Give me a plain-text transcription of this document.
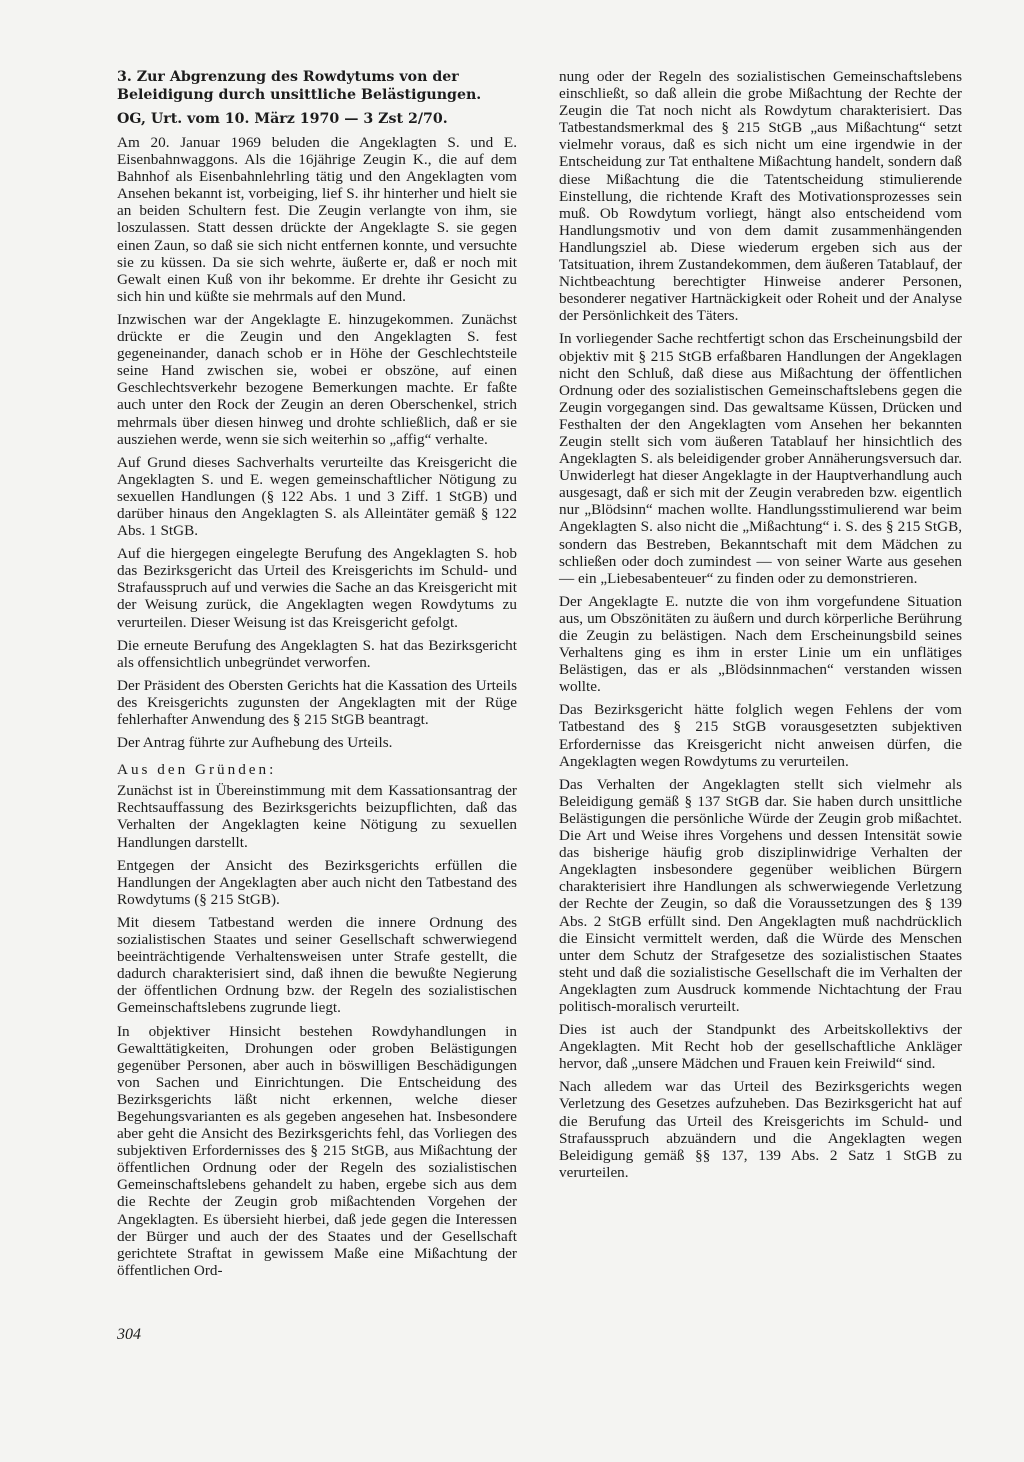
3. Zur Abgrenzung des Rowdytums von der Beleidigung durch unsittliche Belästigungen.

OG, Urt. vom 10. März 1970 — 3 Zst 2/70.

Am 20. Januar 1969 beluden die Angeklagten S. und E. Eisenbahnwaggons. Als die 16jährige Zeugin K., die auf dem Bahnhof als Eisenbahnlehrling tätig und den Angeklagten vom Ansehen bekannt ist, vorbeiging, lief S. ihr hinterher und hielt sie an beiden Schultern fest. Die Zeugin verlangte von ihm, sie loszulassen. Statt dessen drückte der Angeklagte S. sie gegen einen Zaun, so daß sie sich nicht entfernen konnte, und versuchte sie zu küssen. Da sie sich wehrte, äußerte er, daß er noch mit Gewalt einen Kuß von ihr bekomme. Er drehte ihr Gesicht zu sich hin und küßte sie mehrmals auf den Mund.

Inzwischen war der Angeklagte E. hinzugekommen. Zunächst drückte er die Zeugin und den Angeklagten S. fest gegeneinander, danach schob er in Höhe der Geschlechtsteile seine Hand zwischen sie, wobei er obszöne, auf einen Geschlechtsverkehr bezogene Bemerkungen machte. Er faßte auch unter den Rock der Zeugin an deren Oberschenkel, strich mehrmals über diesen hinweg und drohte schließlich, daß er sie ausziehen werde, wenn sie sich weiterhin so „affig“ verhalte.

Auf Grund dieses Sachverhalts verurteilte das Kreisgericht die Angeklagten S. und E. wegen gemeinschaftlicher Nötigung zu sexuellen Handlungen (§ 122 Abs. 1 und 3 Ziff. 1 StGB) und darüber hinaus den Angeklagten S. als Alleintäter gemäß § 122 Abs. 1 StGB.

Auf die hiergegen eingelegte Berufung des Angeklagten S. hob das Bezirksgericht das Urteil des Kreisgerichts im Schuld- und Strafausspruch auf und verwies die Sache an das Kreisgericht mit der Weisung zurück, die Angeklagten wegen Rowdytums zu verurteilen. Dieser Weisung ist das Kreisgericht gefolgt.

Die erneute Berufung des Angeklagten S. hat das Bezirksgericht als offensichtlich unbegründet verworfen.

Der Präsident des Obersten Gerichts hat die Kassation des Urteils des Kreisgerichts zugunsten der Angeklagten mit der Rüge fehlerhafter Anwendung des § 215 StGB beantragt.

Der Antrag führte zur Aufhebung des Urteils.

Aus den Gründen:

Zunächst ist in Übereinstimmung mit dem Kassationsantrag der Rechtsauffassung des Bezirksgerichts beizupflichten, daß das Verhalten der Angeklagten keine Nötigung zu sexuellen Handlungen darstellt.

Entgegen der Ansicht des Bezirksgerichts erfüllen die Handlungen der Angeklagten aber auch nicht den Tatbestand des Rowdytums (§ 215 StGB).

Mit diesem Tatbestand werden die innere Ordnung des sozialistischen Staates und seiner Gesellschaft schwerwiegend beeinträchtigende Verhaltensweisen unter Strafe gestellt, die dadurch charakterisiert sind, daß ihnen die bewußte Negierung der öffentlichen Ordnung bzw. der Regeln des sozialistischen Gemeinschaftslebens zugrunde liegt.

In objektiver Hinsicht bestehen Rowdyhandlungen in Gewalttätigkeiten, Drohungen oder groben Belästigungen gegenüber Personen, aber auch in böswilligen Beschädigungen von Sachen und Einrichtungen. Die Entscheidung des Bezirksgerichts läßt nicht erkennen, welche dieser Begehungsvarianten es als gegeben angesehen hat. Insbesondere aber geht die Ansicht des Bezirksgerichts fehl, das Vorliegen des subjektiven Erfordernisses des § 215 StGB, aus Mißachtung der öffentlichen Ordnung oder der Regeln des sozialistischen Gemeinschaftslebens gehandelt zu haben, ergebe sich aus dem die Rechte der Zeugin grob mißachtenden Vorgehen der Angeklagten. Es übersieht hierbei, daß jede gegen die Interessen der Bürger und auch der des Staates und der Gesellschaft gerichtete Straftat in gewissem Maße eine Mißachtung der öffentlichen Ord-

nung oder der Regeln des sozialistischen Gemeinschaftslebens einschließt, so daß allein die grobe Mißachtung der Rechte der Zeugin die Tat noch nicht als Rowdytum charakterisiert. Das Tatbestandsmerkmal des § 215 StGB „aus Mißachtung“ setzt vielmehr voraus, daß es sich nicht um eine irgendwie in der Entscheidung zur Tat enthaltene Mißachtung handelt, sondern daß diese Mißachtung die die Tatentscheidung stimulierende Einstellung, die richtende Kraft des Motivationsprozesses sein muß. Ob Rowdytum vorliegt, hängt also entscheidend vom Handlungsmotiv und von dem damit zusammenhängenden Handlungsziel ab. Diese wiederum ergeben sich aus der Tatsituation, ihrem Zustandekommen, dem äußeren Tatablauf, der Nichtbeachtung berechtigter Hinweise anderer Personen, besonderer negativer Hartnäckigkeit oder Roheit und der Analyse der Persönlichkeit des Täters.

In vorliegender Sache rechtfertigt schon das Erscheinungsbild der objektiv mit § 215 StGB erfaßbaren Handlungen der Angeklagen nicht den Schluß, daß diese aus Mißachtung der öffentlichen Ordnung oder des sozialistischen Gemeinschaftslebens gegen die Zeugin vorgegangen sind. Das gewaltsame Küssen, Drücken und Festhalten der den Angeklagten vom Ansehen her bekannten Zeugin stellt sich vom äußeren Tatablauf her hinsichtlich des Angeklagten S. als beleidigender grober Annäherungsversuch dar. Unwiderlegt hat dieser Angeklagte in der Hauptverhandlung auch ausgesagt, daß er sich mit der Zeugin verabreden bzw. eigentlich nur „Blödsinn“ machen wollte. Handlungsstimulierend war beim Angeklagten S. also nicht die „Mißachtung“ i. S. des § 215 StGB, sondern das Bestreben, Bekanntschaft mit dem Mädchen zu schließen oder doch zumindest — von seiner Warte aus gesehen — ein „Liebesabenteuer“ zu finden oder zu demonstrieren.

Der Angeklagte E. nutzte die von ihm vorgefundene Situation aus, um Obszönitäten zu äußern und durch körperliche Berührung die Zeugin zu belästigen. Nach dem Erscheinungsbild seines Verhaltens ging es ihm in erster Linie um ein unflätiges Belästigen, das er als „Blödsinnmachen“ verstanden wissen wollte.

Das Bezirksgericht hätte folglich wegen Fehlens der vom Tatbestand des § 215 StGB vorausgesetzten subjektiven Erfordernisse das Kreisgericht nicht anweisen dürfen, die Angeklagten wegen Rowdytums zu verurteilen.

Das Verhalten der Angeklagten stellt sich vielmehr als Beleidigung gemäß § 137 StGB dar. Sie haben durch unsittliche Belästigungen die persönliche Würde der Zeugin grob mißachtet. Die Art und Weise ihres Vorgehens und dessen Intensität sowie das bisherige häufig grob disziplinwidrige Verhalten der Angeklagten insbesondere gegenüber weiblichen Bürgern charakterisiert ihre Handlungen als schwerwiegende Verletzung der Rechte der Zeugin, so daß die Voraussetzungen des § 139 Abs. 2 StGB erfüllt sind. Den Angeklagten muß nachdrücklich die Einsicht vermittelt werden, daß die Würde des Menschen unter dem Schutz der Strafgesetze des sozialistischen Staates steht und daß die sozialistische Gesellschaft die im Verhalten der Angeklagten zum Ausdruck kommende Nichtachtung der Frau politisch-moralisch verurteilt.

Dies ist auch der Standpunkt des Arbeitskollektivs der Angeklagten. Mit Recht hob der gesellschaftliche Ankläger hervor, daß „unsere Mädchen und Frauen kein Freiwild“ sind.

Nach alledem war das Urteil des Bezirksgerichts wegen Verletzung des Gesetzes aufzuheben. Das Bezirksgericht hat auf die Berufung das Urteil des Kreisgerichts im Schuld- und Strafausspruch abzuändern und die Angeklagten wegen Beleidigung gemäß §§ 137, 139 Abs. 2 Satz 1 StGB zu verurteilen.

304
